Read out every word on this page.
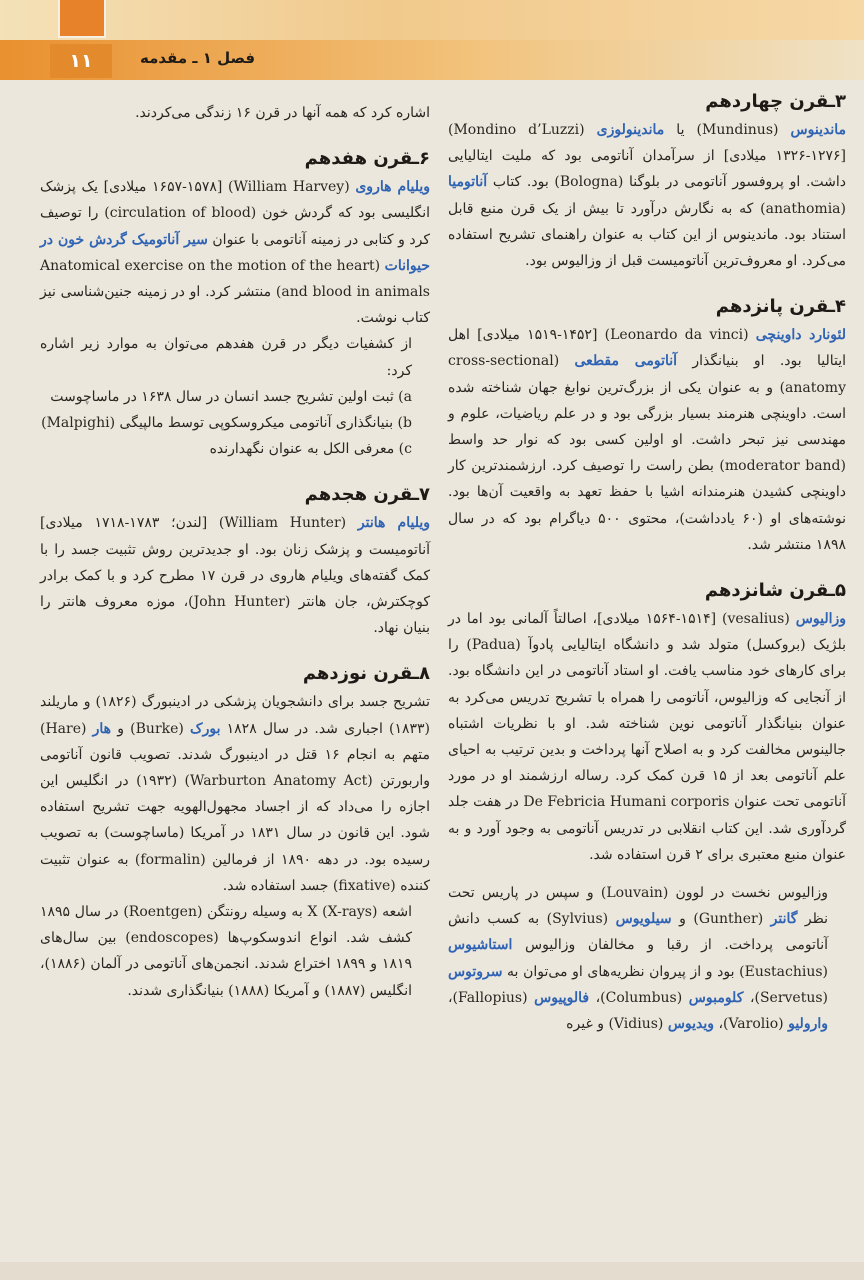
۱۱	فصل ۱ ـ مقدمه
۳ـقرن چهاردهم

ماندینوس (Mundinus) یا ماندینولوزی (Mondino d’Luzzi) [۱۳۲۶-۱۲۷۶ میلادی] از سرآمدان آناتومی بود که ملیت ایتالیایی داشت. او پروفسور آناتومی در بلوگنا (Bologna) بود. کتاب آناتومیا (anathomia) که به نگارش درآورد تا بیش از یک قرن منبع قابل استناد بود. ماندینوس از این کتاب به عنوان راهنمای تشریح استفاده می‌کرد. او معروف‌ترین آناتومیست قبل از وزالیوس بود.

۴ـقرن پانزدهم

لئونارد داوینچی (Leonardo da vinci) [۱۵۱۹-۱۴۵۲ میلادی] اهل ایتالیا بود. او بنیانگذار آناتومی مقطعی (cross-sectional anatomy) و به عنوان یکی از بزرگ‌ترین نوابغ جهان شناخته شده است. داوینچی هنرمند بسیار بزرگی بود و در علم ریاضیات، علوم و مهندسی نیز تبحر داشت. او اولین کسی بود که نوار حد واسط (moderator band) بطن راست را توصیف کرد. ارزشمندترین کار داوینچی کشیدن هنرمندانه اشیا با حفظ تعهد به واقعیت آن‌ها بود. نوشته‌های او (۶۰ یادداشت)، محتوی ۵۰۰ دیاگرام بود که در سال ۱۸۹۸ منتشر شد.

۵ـقرن شانزدهم

وزالیوس (vesalius) [۱۵۶۴-۱۵۱۴ میلادی]، اصالتاً آلمانی بود اما در بلژیک (بروکسل) متولد شد و دانشگاه ایتالیایی پادوآ (Padua) را برای کارهای خود مناسب یافت. او استاد آناتومی در این دانشگاه بود. از آنجایی که وزالیوس، آناتومی را همراه با تشریح تدریس می‌کرد به عنوان بنیانگذار آناتومی نوین شناخته شد. او با نظریات اشتباه جالینوس مخالفت کرد و به اصلاح آنها پرداخت و بدین ترتیب به احیای علم آناتومی بعد از ۱۵ قرن کمک کرد. رساله ارزشمند او در مورد آناتومی تحت عنوان De Febricia Humani corporis در هفت جلد گردآوری شد. این کتاب انقلابی در تدریس آناتومی به وجود آورد و به عنوان منبع معتبری برای ۲ قرن استفاده شد.

وزالیوس نخست در لوون (Louvain) و سپس در پاریس تحت نظر گانتر (Gunther) و سیلویوس (Sylvius) به کسب دانش آناتومی پرداخت. از رقبا و مخالفان وزالیوس استاشیوس (Eustachius) بود و از پیروان نظریه‌های او می‌توان به سروتوس (Servetus)، کلومبوس (Columbus)، فالوپیوس (Fallopius)، وارولیو (Varolio)، ویدیوس (Vidius) و غیره

اشاره کرد که همه آنها در قرن ۱۶ زندگی می‌کردند.

۶ـقرن هفدهم

ویلیام هاروی (William Harvey) [۱۶۵۷-۱۵۷۸ میلادی] یک پزشک انگلیسی بود که گردش خون (circulation of blood) را توصیف کرد و کتابی در زمینه آناتومی با عنوان سیر آناتومیک گردش خون در حیوانات (Anatomical exercise on the motion of the heart and blood in animals) منتشر کرد. او در زمینه جنین‌شناسی نیز کتاب نوشت.

از کشفیات دیگر در قرن هفدهم می‌توان به موارد زیر اشاره کرد:

a) ثبت اولین تشریح جسد انسان در سال ۱۶۳۸ در ماساچوست

b) بنیانگذاری آناتومی میکروسکوپی توسط مالپیگی (Malpighi)

c) معرفی الکل به عنوان نگهدارنده

۷ـقرن هجدهم

ویلیام هانتر (William Hunter) [لندن؛ ۱۷۸۳-۱۷۱۸ میلادی] آناتومیست و پزشک زنان بود. او جدیدترین روش تثبیت جسد را با کمک گفته‌های ویلیام هاروی در قرن ۱۷ مطرح کرد و با کمک برادر کوچکترش، جان هانتر (John Hunter)، موزه معروف هانتر را بنیان نهاد.

۸ـقرن نوزدهم

تشریح جسد برای دانشجویان پزشکی در ادینبورگ (۱۸۲۶) و ماریلند (۱۸۳۳) اجباری شد. در سال ۱۸۲۸ بورک (Burke) و هار (Hare) متهم به انجام ۱۶ قتل در ادینبورگ شدند. تصویب قانون آناتومی واربورتن (Warburton Anatomy Act) (۱۹۳۲) در انگلیس این اجازه را می‌داد که از اجساد مجهول‌الهویه جهت تشریح استفاده شود. این قانون در سال ۱۸۳۱ در آمریکا (ماساچوست) به تصویب رسیده بود. در دهه ۱۸۹۰ از فرمالین (formalin) به عنوان تثبیت کننده (fixative) جسد استفاده شد.

اشعه X (X-rays) به وسیله رونتگن (Roentgen) در سال ۱۸۹۵ کشف شد. انواع اندوسکوپ‌ها (endoscopes) بین سال‌های ۱۸۱۹ و ۱۸۹۹ اختراع شدند. انجمن‌های آناتومی در آلمان (۱۸۸۶)، انگلیس (۱۸۸۷) و آمریکا (۱۸۸۸) بنیانگذاری شدند.
